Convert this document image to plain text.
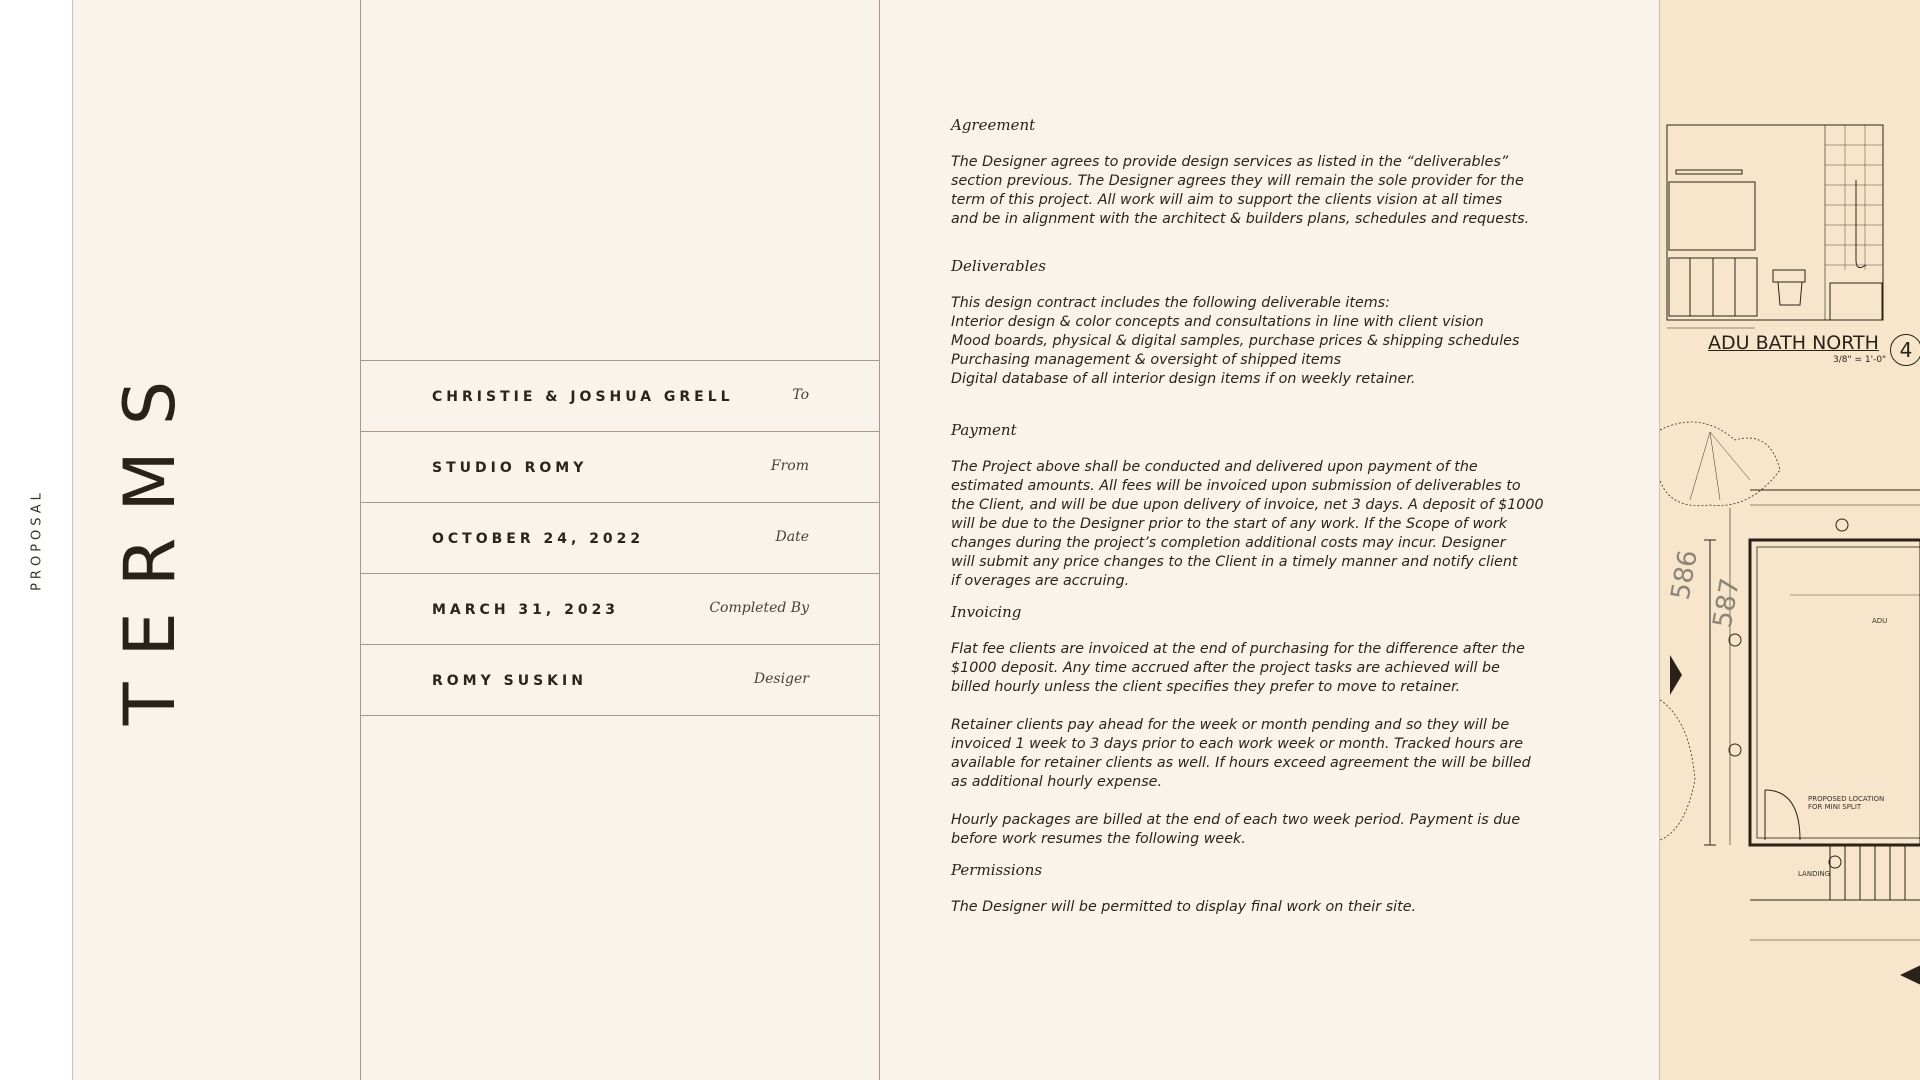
PROPOSAL TERMS	CHRISTIE & JOSHUA GRELL	To
STUDIO ROMY	From
OCTOBER 24, 2022	Date
MARCH 31, 2023	Completed By
ROMY SUSKIN	Desiger
Agreement

The Designer agrees to provide design services as listed in the “deliverables”

section previous. The Designer agrees they will remain the sole provider for the

term of this project. All work will aim to support the clients vision at all times

and be in alignment with the architect & builders plans, schedules and requests.

Deliverables

This design contract includes the following deliverable items:

Interior design & color concepts and consultations in line with client vision

Mood boards, physical & digital samples, purchase prices & shipping schedules

Purchasing management & oversight of shipped items

Digital database of all interior design items if on weekly retainer.

Payment

The Project above shall be conducted and delivered upon payment of the

estimated amounts. All fees will be invoiced upon submission of deliverables to

the Client, and will be due upon delivery of invoice, net 3 days. A deposit of $1000

will be due to the Designer prior to the start of any work. If the Scope of work

changes during the project’s completion additional costs may incur. Designer

will submit any price changes to the Client in a timely manner and notify client

if overages are accruing.

Invoicing

Flat fee clients are invoiced at the end of purchasing for the difference after the

$1000 deposit. Any time accrued after the project tasks are achieved will be

billed hourly unless the client specifies they prefer to move to retainer.

Retainer clients pay ahead for the week or month pending and so they will be

invoiced 1 week to 3 days prior to each work week or month. Tracked hours are

available for retainer clients as well. If hours exceed agreement the will be billed

as additional hourly expense.

Hourly packages are billed at the end of each two week period. Payment is due

before work resumes the following week.

Permissions

The Designer will be permitted to display final work on their site.

ADU BATH NORTH
3/8" = 1'-0" 4
586
587	ADU
PROPOSED LOCATION
FOR MINI SPLIT
LANDING
